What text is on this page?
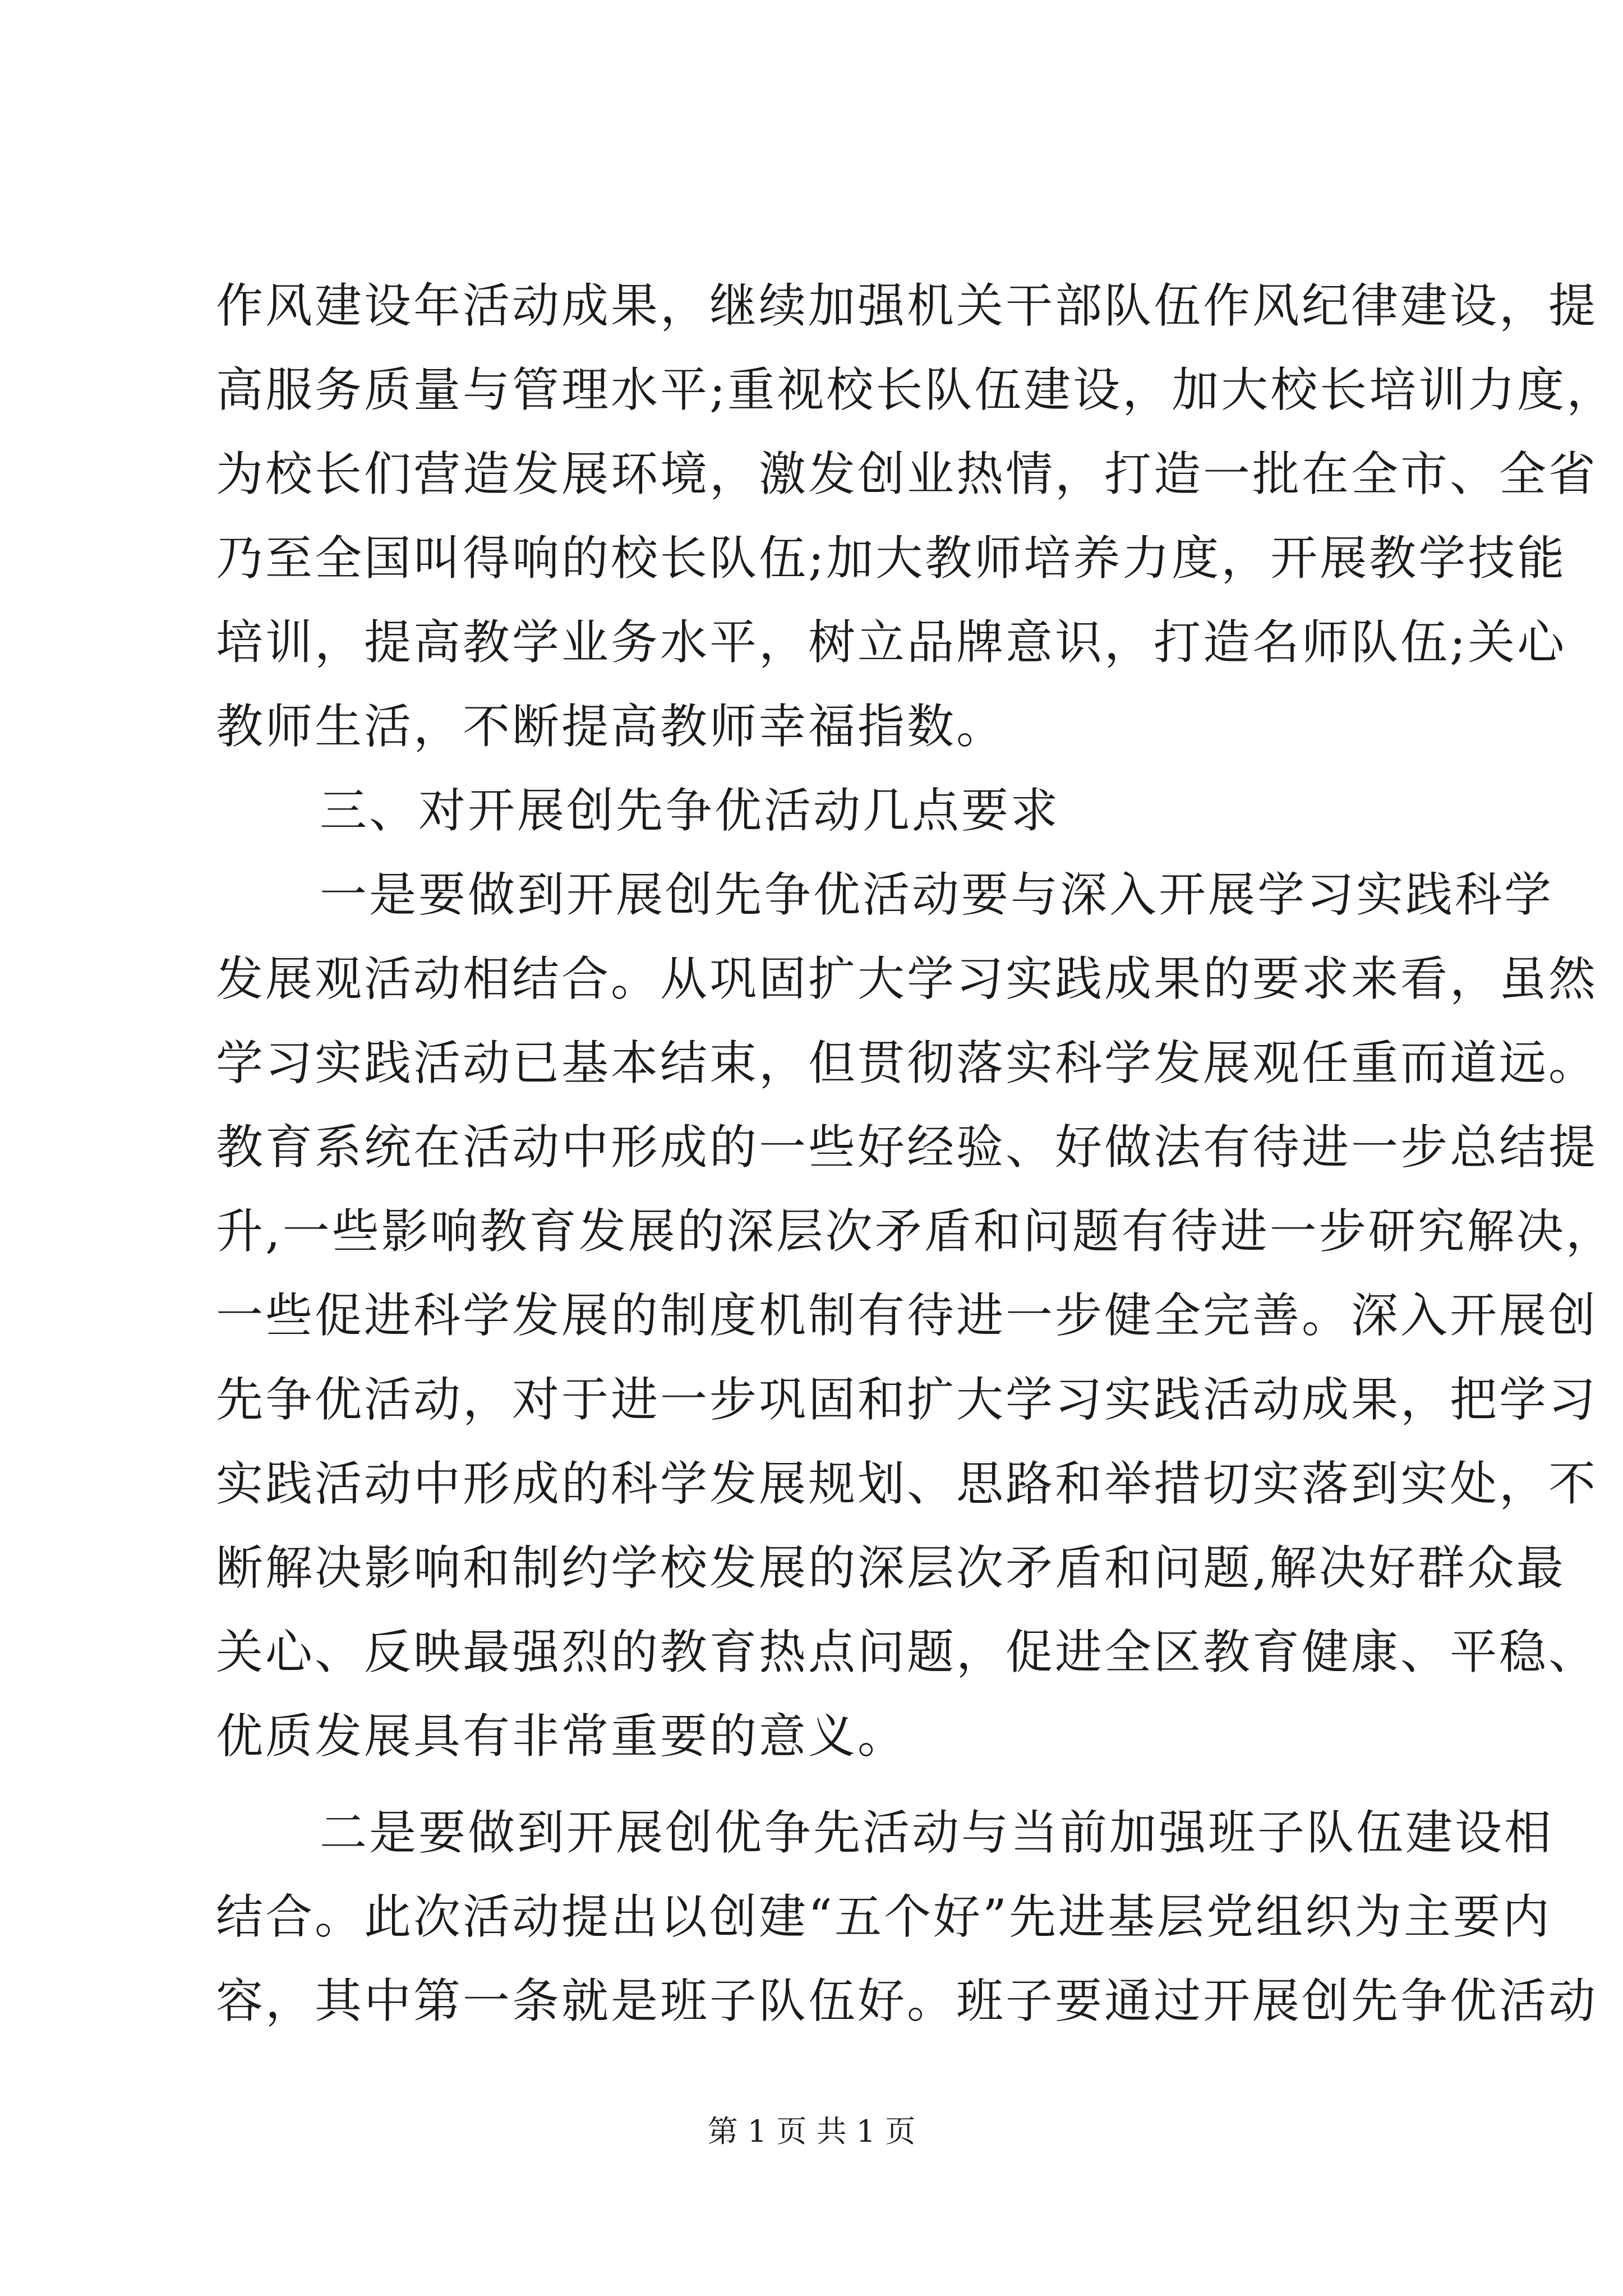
作风建设年活动成果，继续加强机关干部队伍作风纪律建设，提
高服务质量与管理水平;重视校长队伍建设，加大校长培训力度，
为校长们营造发展环境，激发创业热情，打造一批在全市、全省
乃至全国叫得响的校长队伍;加大教师培养力度，开展教学技能
培训，提高教学业务水平，树立品牌意识，打造名师队伍;关心
教师生活，不断提高教师幸福指数。
三、对开展创先争优活动几点要求
一是要做到开展创先争优活动要与深入开展学习实践科学
发展观活动相结合。从巩固扩大学习实践成果的要求来看，虽然
学习实践活动已基本结束，但贯彻落实科学发展观任重而道远。
教育系统在活动中形成的一些好经验、好做法有待进一步总结提
升,一些影响教育发展的深层次矛盾和问题有待进一步研究解决，
一些促进科学发展的制度机制有待进一步健全完善。深入开展创
先争优活动，对于进一步巩固和扩大学习实践活动成果，把学习
实践活动中形成的科学发展规划、思路和举措切实落到实处，不
断解决影响和制约学校发展的深层次矛盾和问题,解决好群众最
关心、反映最强烈的教育热点问题，促进全区教育健康、平稳、
优质发展具有非常重要的意义。
二是要做到开展创优争先活动与当前加强班子队伍建设相
结合。此次活动提出以创建“五个好”先进基层党组织为主要内
容，其中第一条就是班子队伍好。班子要通过开展创先争优活动
第 1 页 共 1 页
